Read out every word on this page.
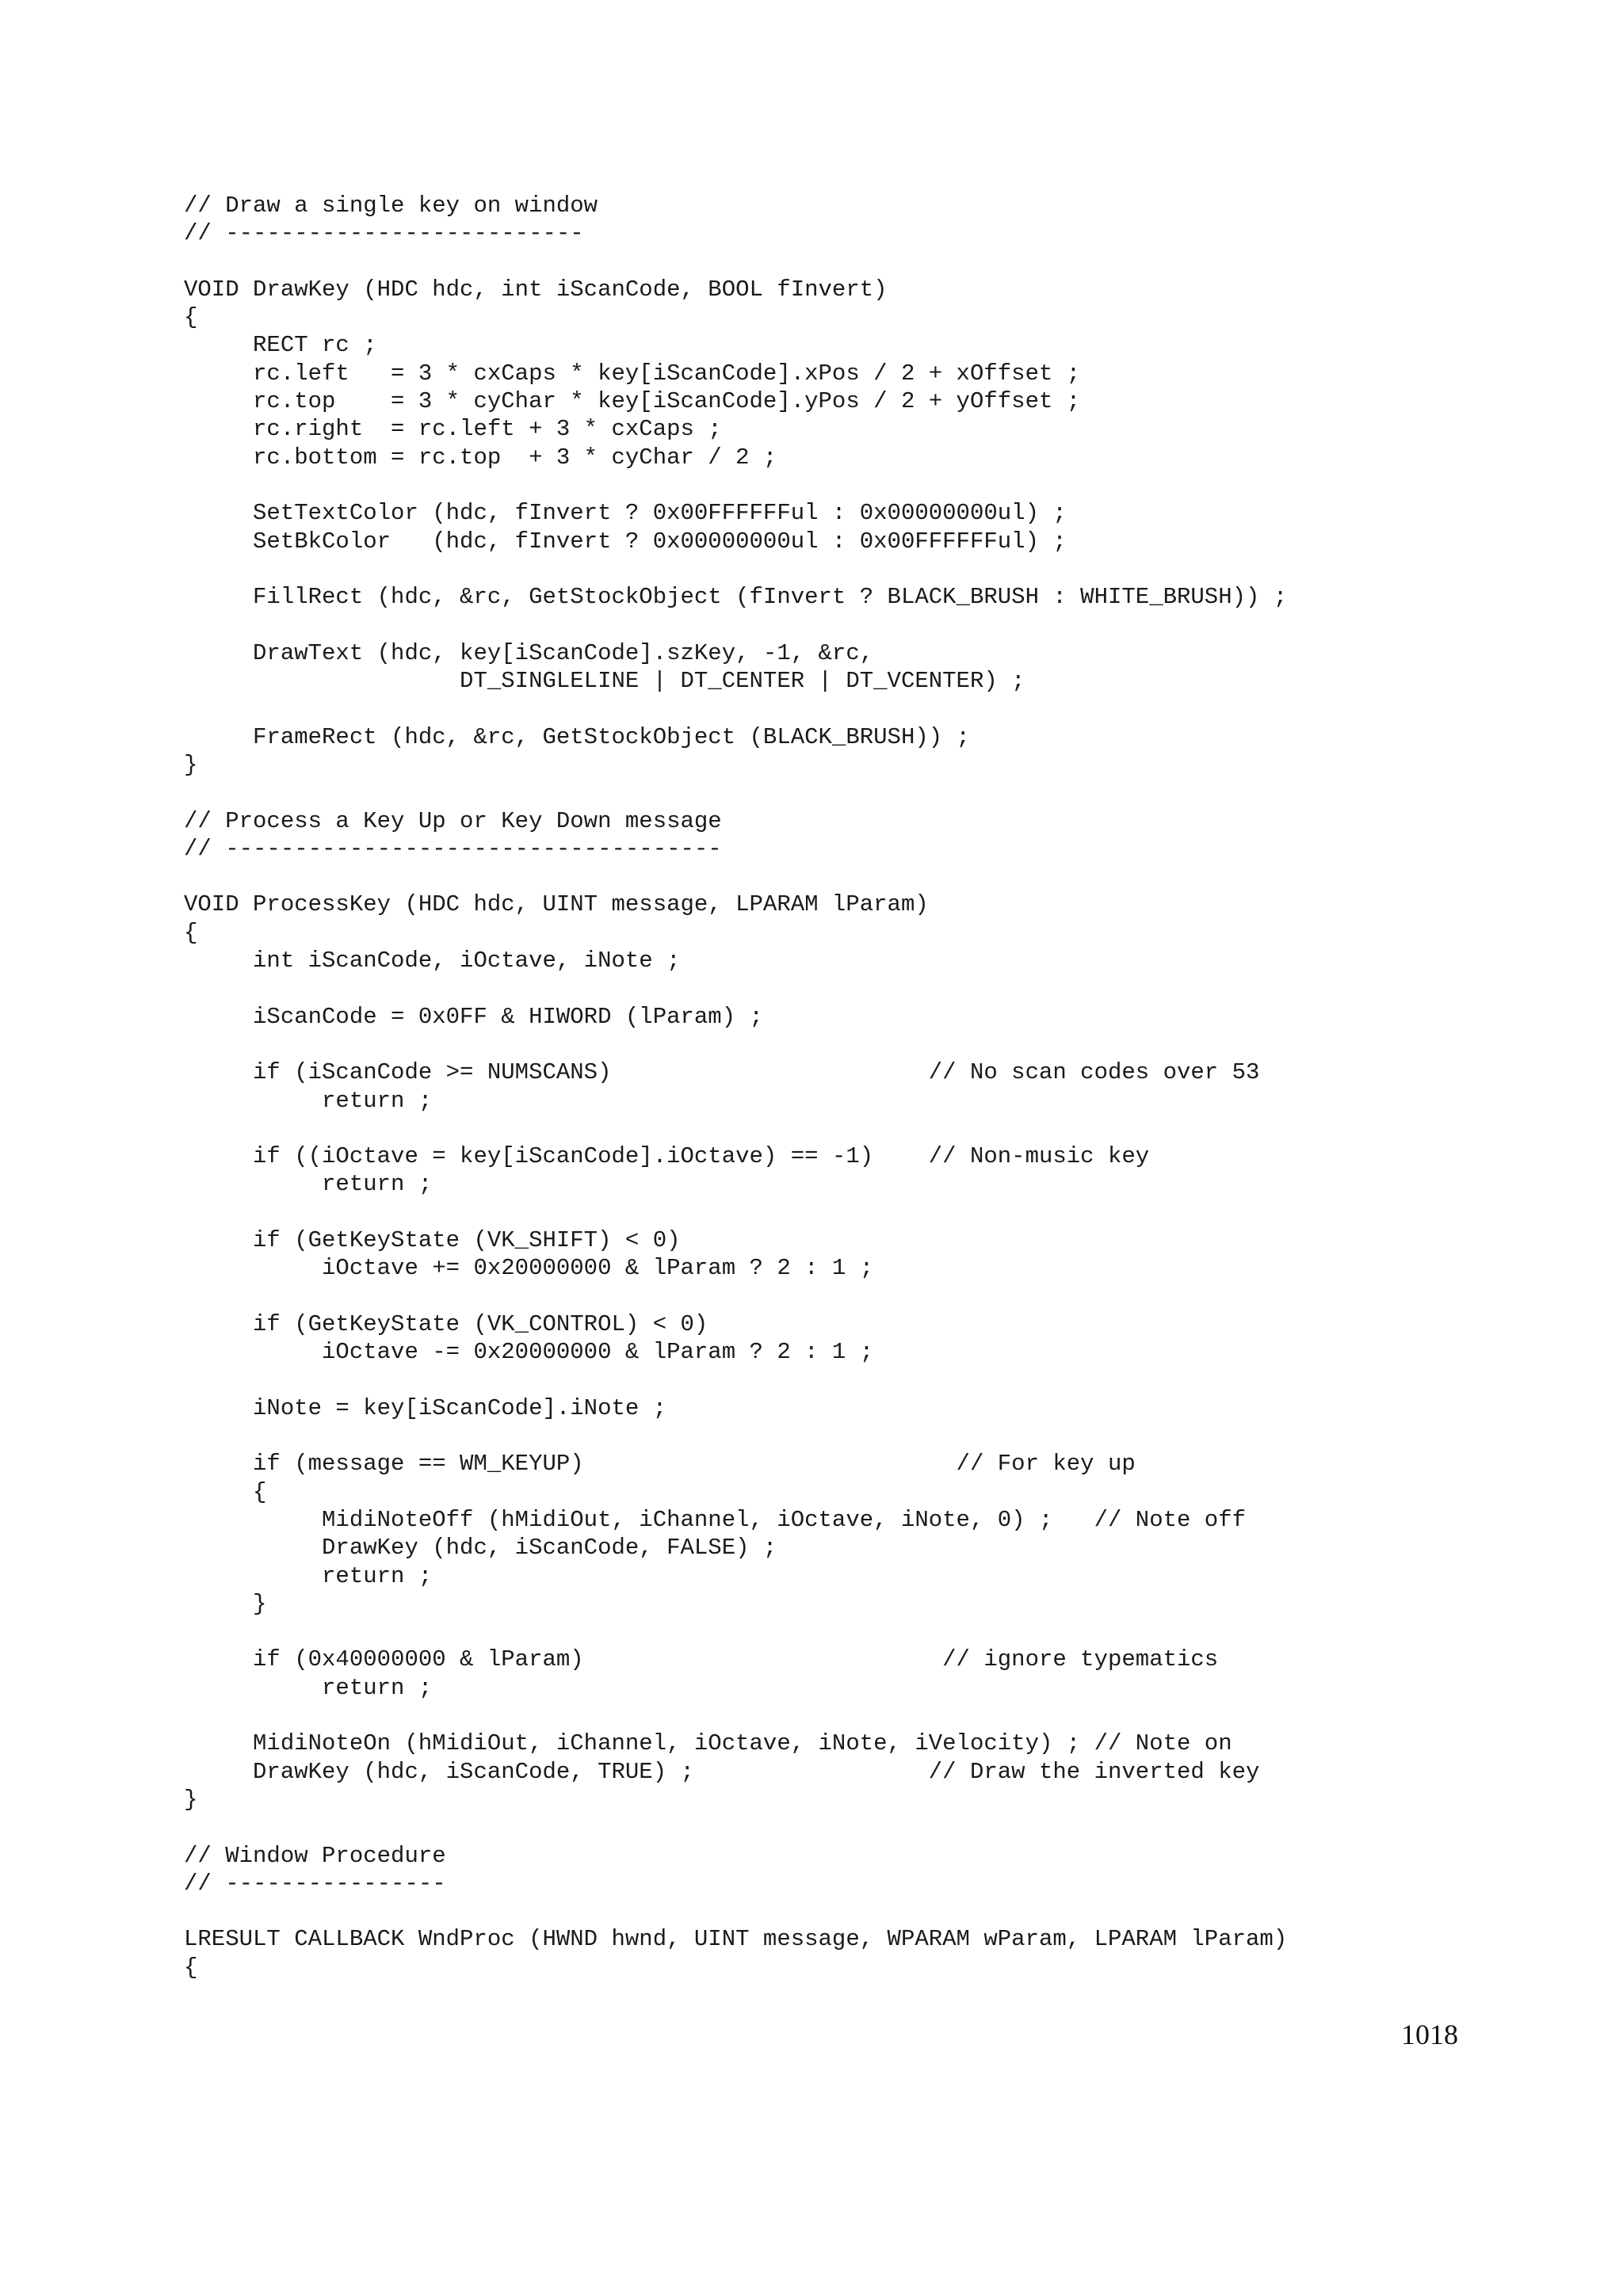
// Draw a single key on window
// --------------------------
VOID DrawKey (HDC hdc, int iScanCode, BOOL fInvert)
{
RECT rc ;
rc.left   = 3 * cxCaps * key[iScanCode].xPos / 2 + xOffset ;
rc.top    = 3 * cyChar * key[iScanCode].yPos / 2 + yOffset ;
rc.right  = rc.left + 3 * cxCaps ;
rc.bottom = rc.top  + 3 * cyChar / 2 ;
SetTextColor (hdc, fInvert ? 0x00FFFFFFul : 0x00000000ul) ;
SetBkColor   (hdc, fInvert ? 0x00000000ul : 0x00FFFFFFul) ;
FillRect (hdc, &rc, GetStockObject (fInvert ? BLACK_BRUSH : WHITE_BRUSH)) ;
DrawText (hdc, key[iScanCode].szKey, -1, &rc,
DT_SINGLELINE | DT_CENTER | DT_VCENTER) ;
FrameRect (hdc, &rc, GetStockObject (BLACK_BRUSH)) ;
}
// Process a Key Up or Key Down message
// ------------------------------------
VOID ProcessKey (HDC hdc, UINT message, LPARAM lParam)
{
int iScanCode, iOctave, iNote ;
iScanCode = 0x0FF & HIWORD (lParam) ;
if (iScanCode >= NUMSCANS)                       // No scan codes over 53
return ;
if ((iOctave = key[iScanCode].iOctave) == -1)    // Non-music key
return ;
if (GetKeyState (VK_SHIFT) < 0)
iOctave += 0x20000000 & lParam ? 2 : 1 ;
if (GetKeyState (VK_CONTROL) < 0)
iOctave -= 0x20000000 & lParam ? 2 : 1 ;
iNote = key[iScanCode].iNote ;
if (message == WM_KEYUP)                           // For key up
{
MidiNoteOff (hMidiOut, iChannel, iOctave, iNote, 0) ;   // Note off
DrawKey (hdc, iScanCode, FALSE) ;
return ;
}
if (0x40000000 & lParam)                          // ignore typematics
return ;
MidiNoteOn (hMidiOut, iChannel, iOctave, iNote, iVelocity) ; // Note on
DrawKey (hdc, iScanCode, TRUE) ;                 // Draw the inverted key
}
// Window Procedure
// ----------------
LRESULT CALLBACK WndProc (HWND hwnd, UINT message, WPARAM wParam, LPARAM lParam)
{
1018
